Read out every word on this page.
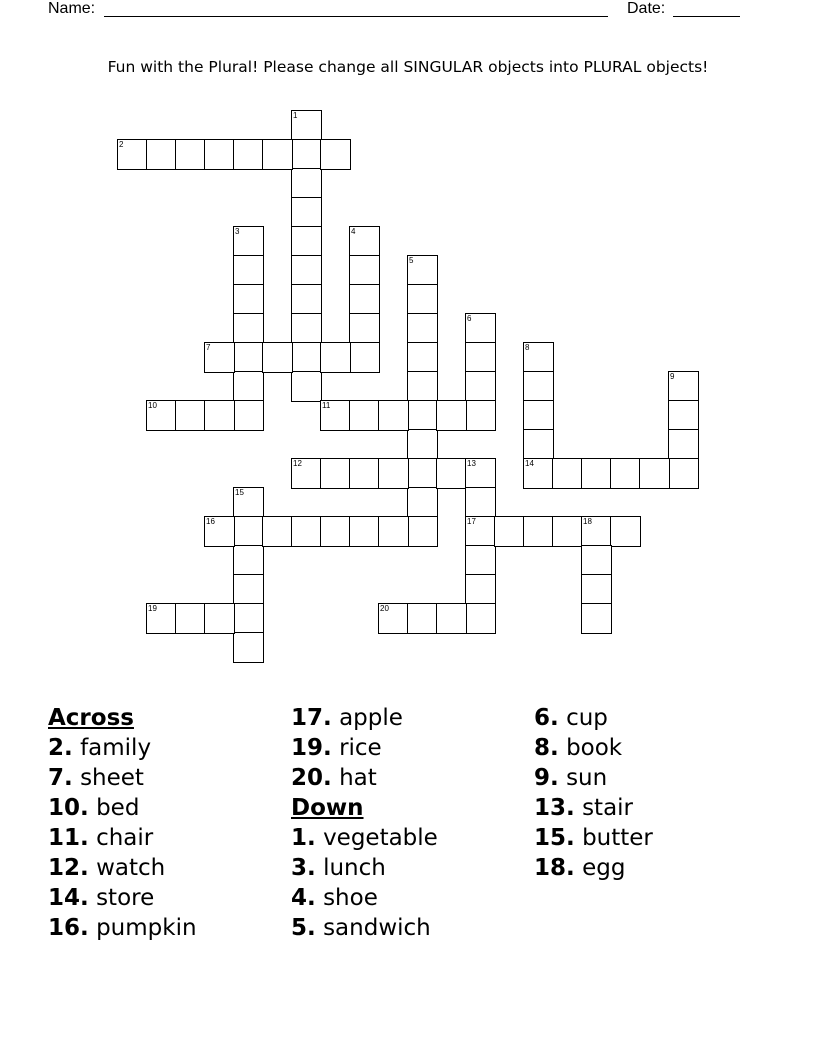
Name:	Date:
Fun with the Plural! Please change all SINGULAR objects into PLURAL objects!
1
2
3	4
5
6
7	8
14
9
10	11
12	13
17
15
16	18
19	20
Across
2. family
7. sheet
10. bed
11. chair
12. watch
14. store
16. pumpkin
17. apple
19. rice
20. hat
Down
1. vegetable
3. lunch
4. shoe
5. sandwich
6. cup
8. book
9. sun
13. stair
15. butter
18. egg
